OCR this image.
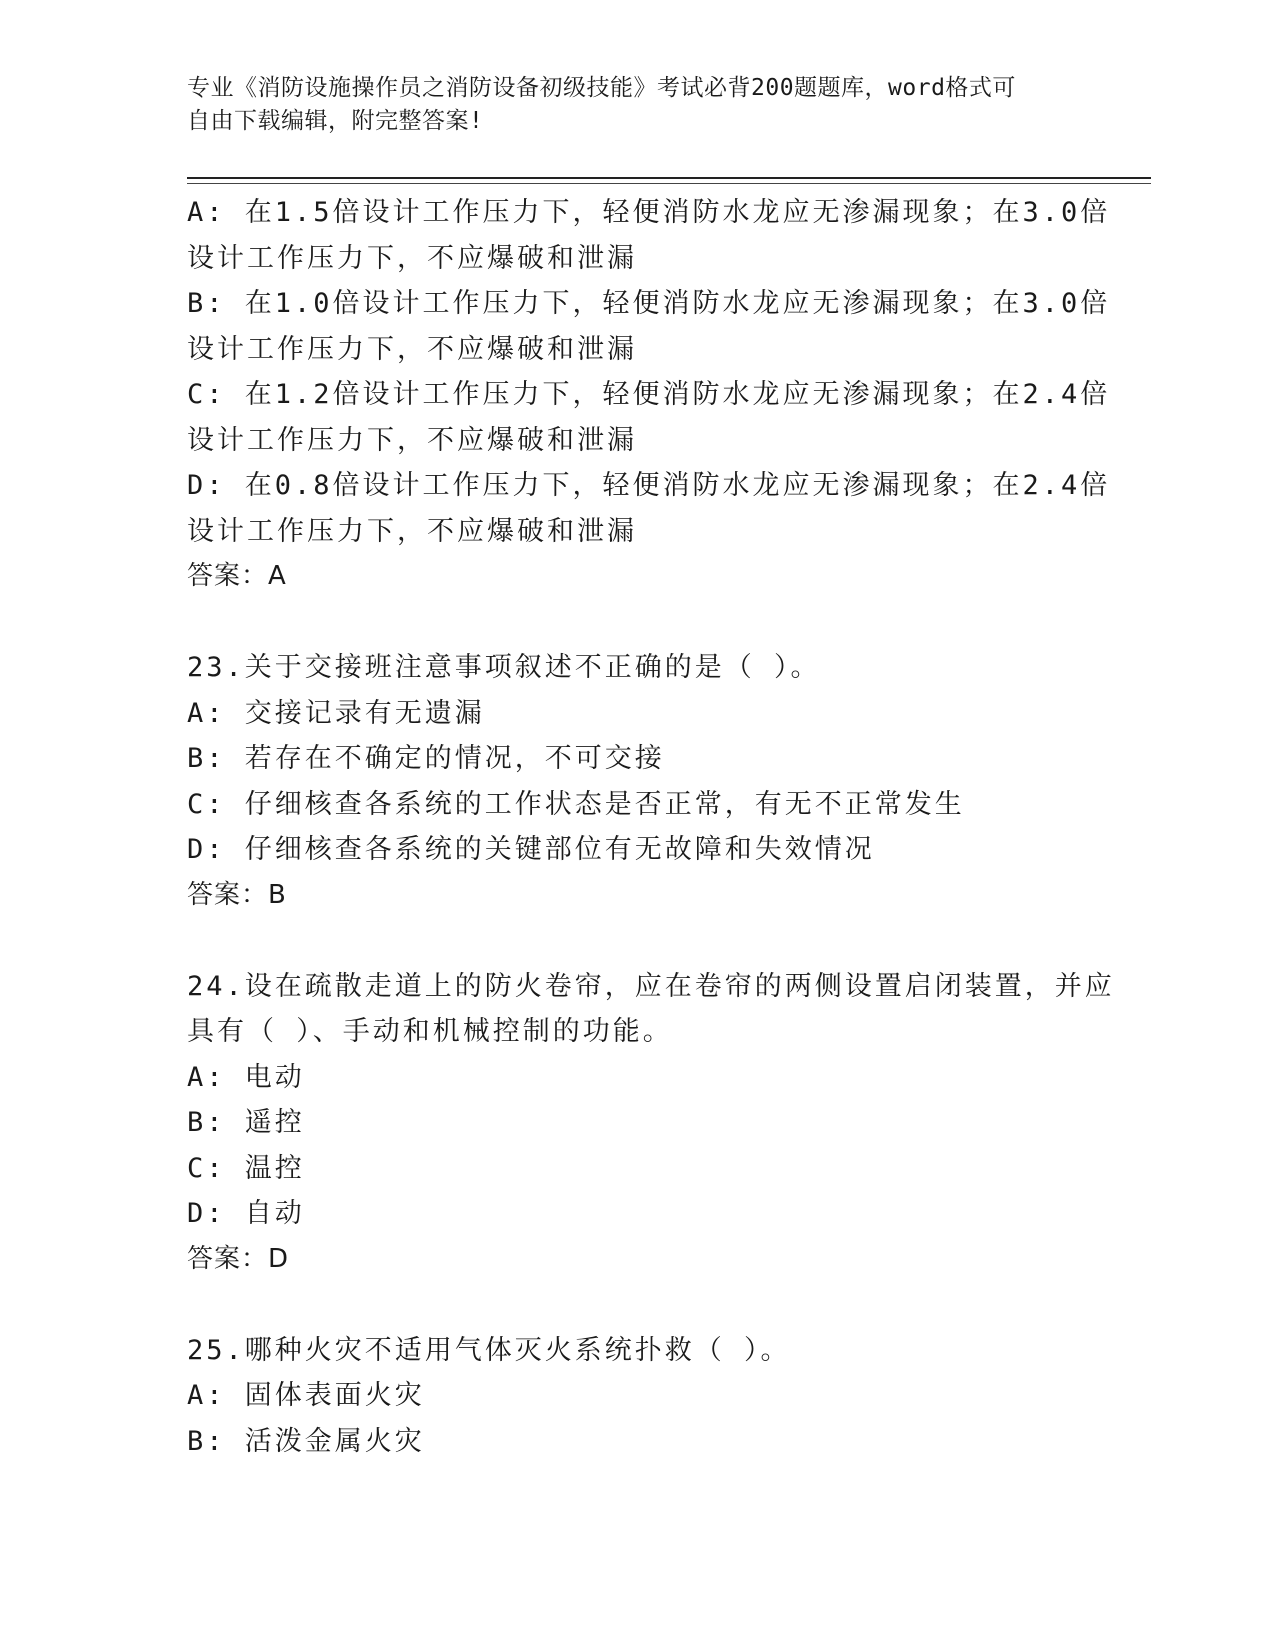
专业《消防设施操作员之消防设备初级技能》考试必背200题题库，word格式可
自由下载编辑，附完整答案!
A: 在1.5倍设计工作压力下，轻便消防水龙应无渗漏现象；在3.0倍
设计工作压力下，不应爆破和泄漏
B: 在1.0倍设计工作压力下，轻便消防水龙应无渗漏现象；在3.0倍
设计工作压力下，不应爆破和泄漏
C: 在1.2倍设计工作压力下，轻便消防水龙应无渗漏现象；在2.4倍
设计工作压力下，不应爆破和泄漏
D: 在0.8倍设计工作压力下，轻便消防水龙应无渗漏现象；在2.4倍
设计工作压力下，不应爆破和泄漏
答案：A
23.关于交接班注意事项叙述不正确的是（ ）。
A: 交接记录有无遗漏
B: 若存在不确定的情况，不可交接
C: 仔细核查各系统的工作状态是否正常，有无不正常发生
D: 仔细核查各系统的关键部位有无故障和失效情况
答案：B
24.设在疏散走道上的防火卷帘，应在卷帘的两侧设置启闭装置，并应
具有（ ）、手动和机械控制的功能。
A: 电动
B: 遥控
C: 温控
D: 自动
答案：D
25.哪种火灾不适用气体灭火系统扑救（ ）。
A: 固体表面火灾
B: 活泼金属火灾
